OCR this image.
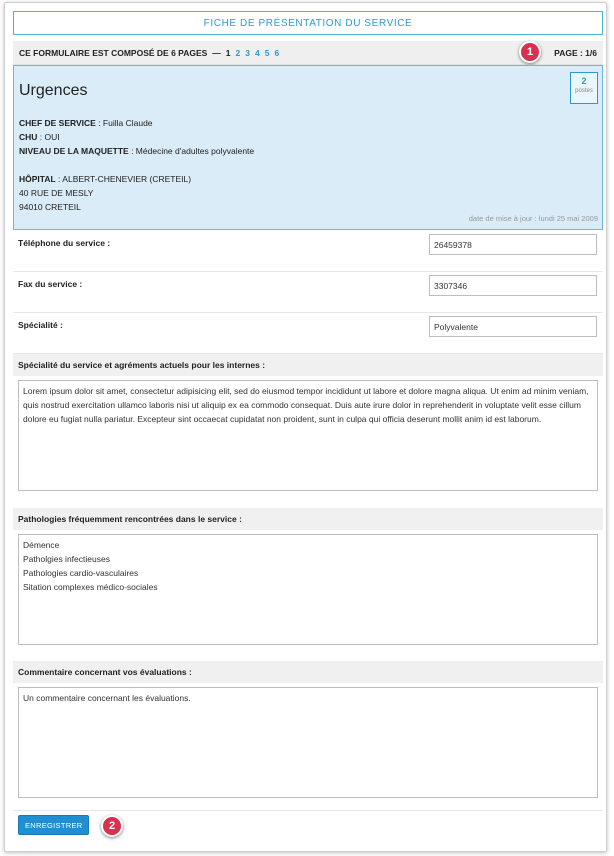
FICHE DE PRÉSENTATION DU SERVICE
CE FORMULAIRE EST COMPOSÉ DE 6 PAGES — 1 2 3 4 5 6	PAGE : 1/6
1
Urgences
2
postes
CHEF DE SERVICE : Fuilla Claude
CHU : OUI
NIVEAU DE LA MAQUETTE : Médecine d'adultes polyvalente
HÔPITAL : ALBERT-CHENEVIER (CRETEIL)
40 RUE DE MESLY
94010 CRETEIL
date de mise à jour : lundi 25 mai 2009
Téléphone du service :
26459378
Fax du service :
3307346
Spécialité :
Polyvalente
Spécialité du service et agréments actuels pour les internes :
Lorem ipsum dolor sit amet, consectetur adipisicing elit, sed do eiusmod tempor incididunt ut labore et dolore magna aliqua. Ut enim ad minim veniam, quis nostrud exercitation ullamco laboris nisi ut aliquip ex ea commodo consequat. Duis aute irure dolor in reprehenderit in voluptate velit esse cillum dolore eu fugiat nulla pariatur. Excepteur sint occaecat cupidatat non proident, sunt in culpa qui officia deserunt mollit anim id est laborum.
Pathologies fréquemment rencontrées dans le service :
Démence
Patholgies infectieuses
Pathologies cardio-vasculaires
Sitation complexes médico-sociales
Commentaire concernant vos évaluations :
Un commentaire concernant les évaluations.
ENREGISTRER	2
